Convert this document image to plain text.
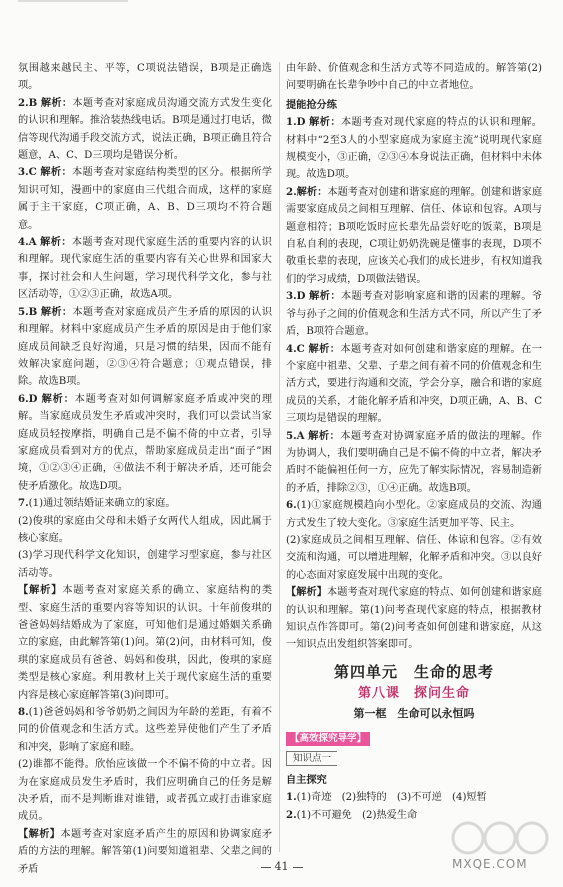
氛围越来越民主、平等，C项说法错误，B项是正确选项。

2.B 解析：本题考查对家庭成员沟通交流方式发生变化的认识和理解。推洽装热线电话。B项是通过打电话，微信等现代沟通手段交流方式，说法正确，B项正确且符合题意，A、C、D三项均是错误分析。

3.C 解析：本题考查对家庭结构类型的区分。根据所学知识可知，漫画中的家庭由三代组合而成，这样的家庭属于主干家庭，C项正确，A、B、D三项均不符合题意。

4.A 解析：本题考查对现代家庭生活的重要内容的认识和理解。现代家庭生活的重要内容有关心世界和国家大事，探讨社会和人生问题，学习现代科学文化，参与社区活动等，①②③正确，故选A项。

5.B 解析：本题考查对家庭成员产生矛盾的原因的认识和理解。材料中家庭成员产生矛盾的原因是由于他们家庭成员间缺乏良好沟通，只是习惯的结果，因而不能有效解决家庭问题，②③④符合题意；①观点错误，排除。故选B项。

6.D 解析：本题考查对如何调解家庭矛盾或冲突的理解。当家庭成员发生矛盾或冲突时，我们可以尝试当家庭成员轻按摩指，明确自己是不偏不倚的中立者，引导家庭成员看到对方的优点，帮助家庭成员走出“面子”困境，①②③④正确，④做法不利于解决矛盾，还可能会使矛盾激化。故选D项。

7.(1)通过领结婚证来确立的家庭。

(2)俊琪的家庭由父母和未婚子女两代人组成，因此属于核心家庭。

(3)学习现代科学文化知识，创建学习型家庭，参与社区活动等。

【解析】本题考查对家庭关系的确立、家庭结构的类型、家庭生活的重要内容等知识的认识。十年前俊琪的爸爸妈妈结婚成为了家庭，可知他们是通过婚姻关系确立的家庭，由此解答第(1)问。第(2)问，由材料可知，俊琪的家庭成员有爸爸、妈妈和俊琪，因此，俊琪的家庭类型是核心家庭。利用教材上关于现代家庭生活的重要内容是核心家庭解答第(3)问即可。

8.(1)爸爸妈妈和爷爷奶奶之间因为年龄的差距，有着不同的价值观念和生活方式。这些差异使他们产生了矛盾和冲突，影响了家庭和睦。

(2)谁都不能得。欣怡应该做一个不偏不倚的中立者。因为在家庭成员发生矛盾时，我们应明确自己的任务是解决矛盾，而不是判断谁对谁错，或者孤立或打击谁家庭成员。

【解析】本题考查对家庭矛盾产生的原因和协调家庭矛盾的方法的理解。解答第(1)问要知道祖辈、父辈之间的矛盾

由年龄、价值观念和生活方式等不同造成的。解答第(2)问要明确在长辈争吵中自己的中立者地位。

提能抢分练

1.D 解析：本题考查对现代家庭的特点的认识和理解。材料中“2至3人的小型家庭成为家庭主流”说明现代家庭规模变小，③正确，②③④本身说法正确，但材料中未体现。故选D项。

2.解析：本题考查对创建和谐家庭的理解。创建和谐家庭需要家庭成员之间相互理解、信任、体谅和包容。A项与题意相符；B项吃饭时应长辈先品尝好吃的饭菜，B项是自私自利的表现，C项让奶奶洗碗是懂事的表现，D项不敬重长辈的表现，应该关心我们的成长进步，有权知道我们的学习成绩，D项做法错误。

3.D 解析：本题考查对影响家庭和谐的因素的理解。爷爷与孙子之间的价值观念和生活方式不同，所以产生了矛盾，B项符合题意。

4.C 解析：本题考查对如何创建和谐家庭的理解。在一个家庭中祖辈、父辈、子辈之间有着不同的价值观念和生活方式，要进行沟通和交流，学会分享，融合和谐的家庭成员的关系，才能化解矛盾和冲突，D项正确，A、B、C三项均是错误的理解。

5.A 解析：本题考查对协调家庭矛盾的做法的理解。作为协调人，我们要明确自己是不偏不倚的中立者，解决矛盾时不能偏袒任何一方，应先了解实际情况，容易制造新的矛盾，排除②③，①④正确。故选B项。

6.(1)①家庭规模趋向小型化。②家庭成员的交流、沟通方式发生了较大变化。③家庭生活更加平等、民主。

(2)家庭成员之间相互理解、信任、体谅和包容。②有效交流和沟通，可以增进理解，化解矛盾和冲突。③以良好的心态面对家庭发展中出现的变化。

【解析】本题考查对现代家庭的特点、如何创建和谐家庭的认识和理解。第(1)问考查现代家庭的特点，根据教材知识点作答即可。第(2)问考查如何创建和谐家庭，从这一知识点出发组织答案即可。

第四单元　生命的思考
第八课 探问生命
第一框　生命可以永恒吗
【高效探究导学】
知识点一

自主探究

1.(1)奇迹　(2)独特的　(3)不可逆　(4)短暂

2.(1)不可避免　(2)热爱生命

41	MXQE.COM
